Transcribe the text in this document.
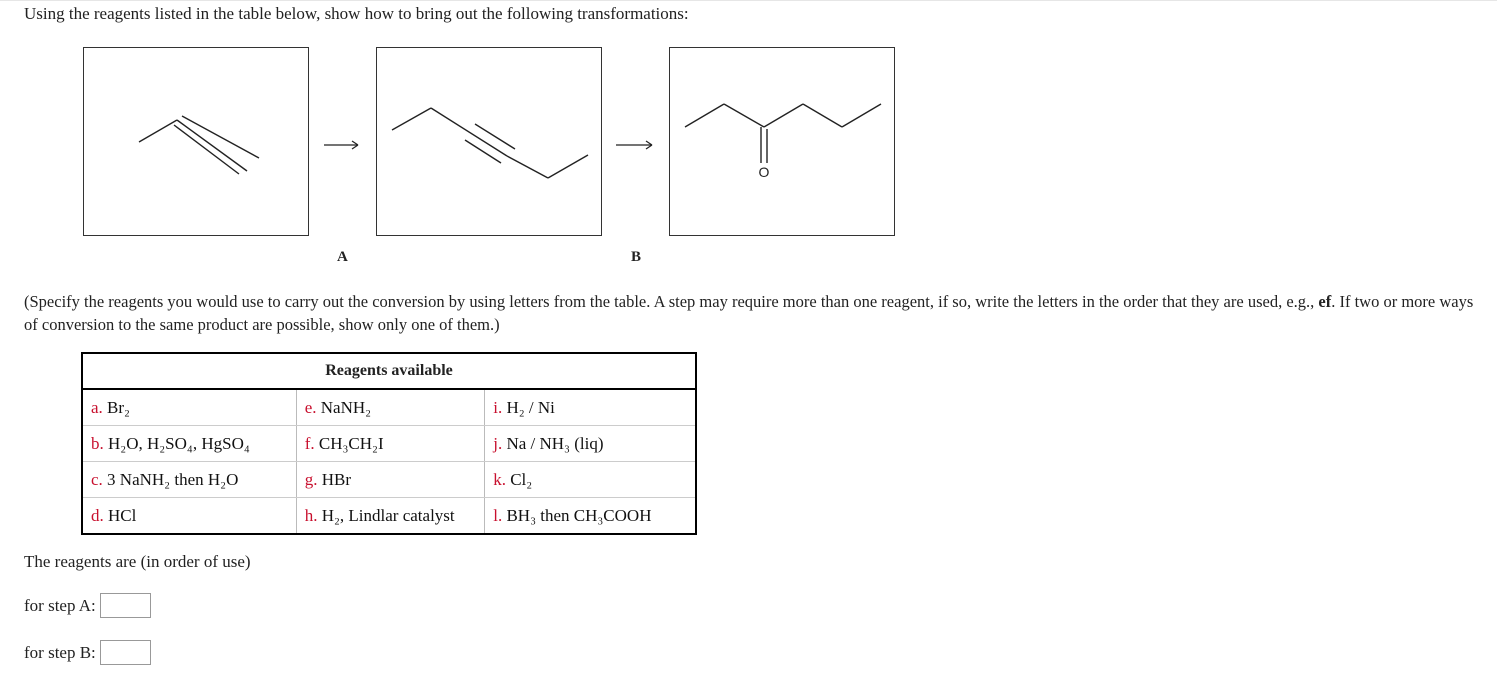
Using the reagents listed in the table below, show how to bring out the following transformations:
O
A	B
(Specify the reagents you would use to carry out the conversion by using letters from the table. A step may require more than one reagent, if so, write the letters in the order that they are used, e.g., ef. If two or more ways of conversion to the same product are possible, show only one of them.)
Reagents available		
a. Br₂	e. NaNH₂	i. H₂ / Ni
b. H₂O, H₂SO₄, HgSO₄	f. CH₃CH₂I	j. Na / NH₃ (liq)
c. 3 NaNH₂ then H₂O	g. HBr	k. Cl₂
d. HCl	h. H₂, Lindlar catalyst	l. BH₃ then CH₃COOH
The reagents are (in order of use)
for step A:
for step B:
